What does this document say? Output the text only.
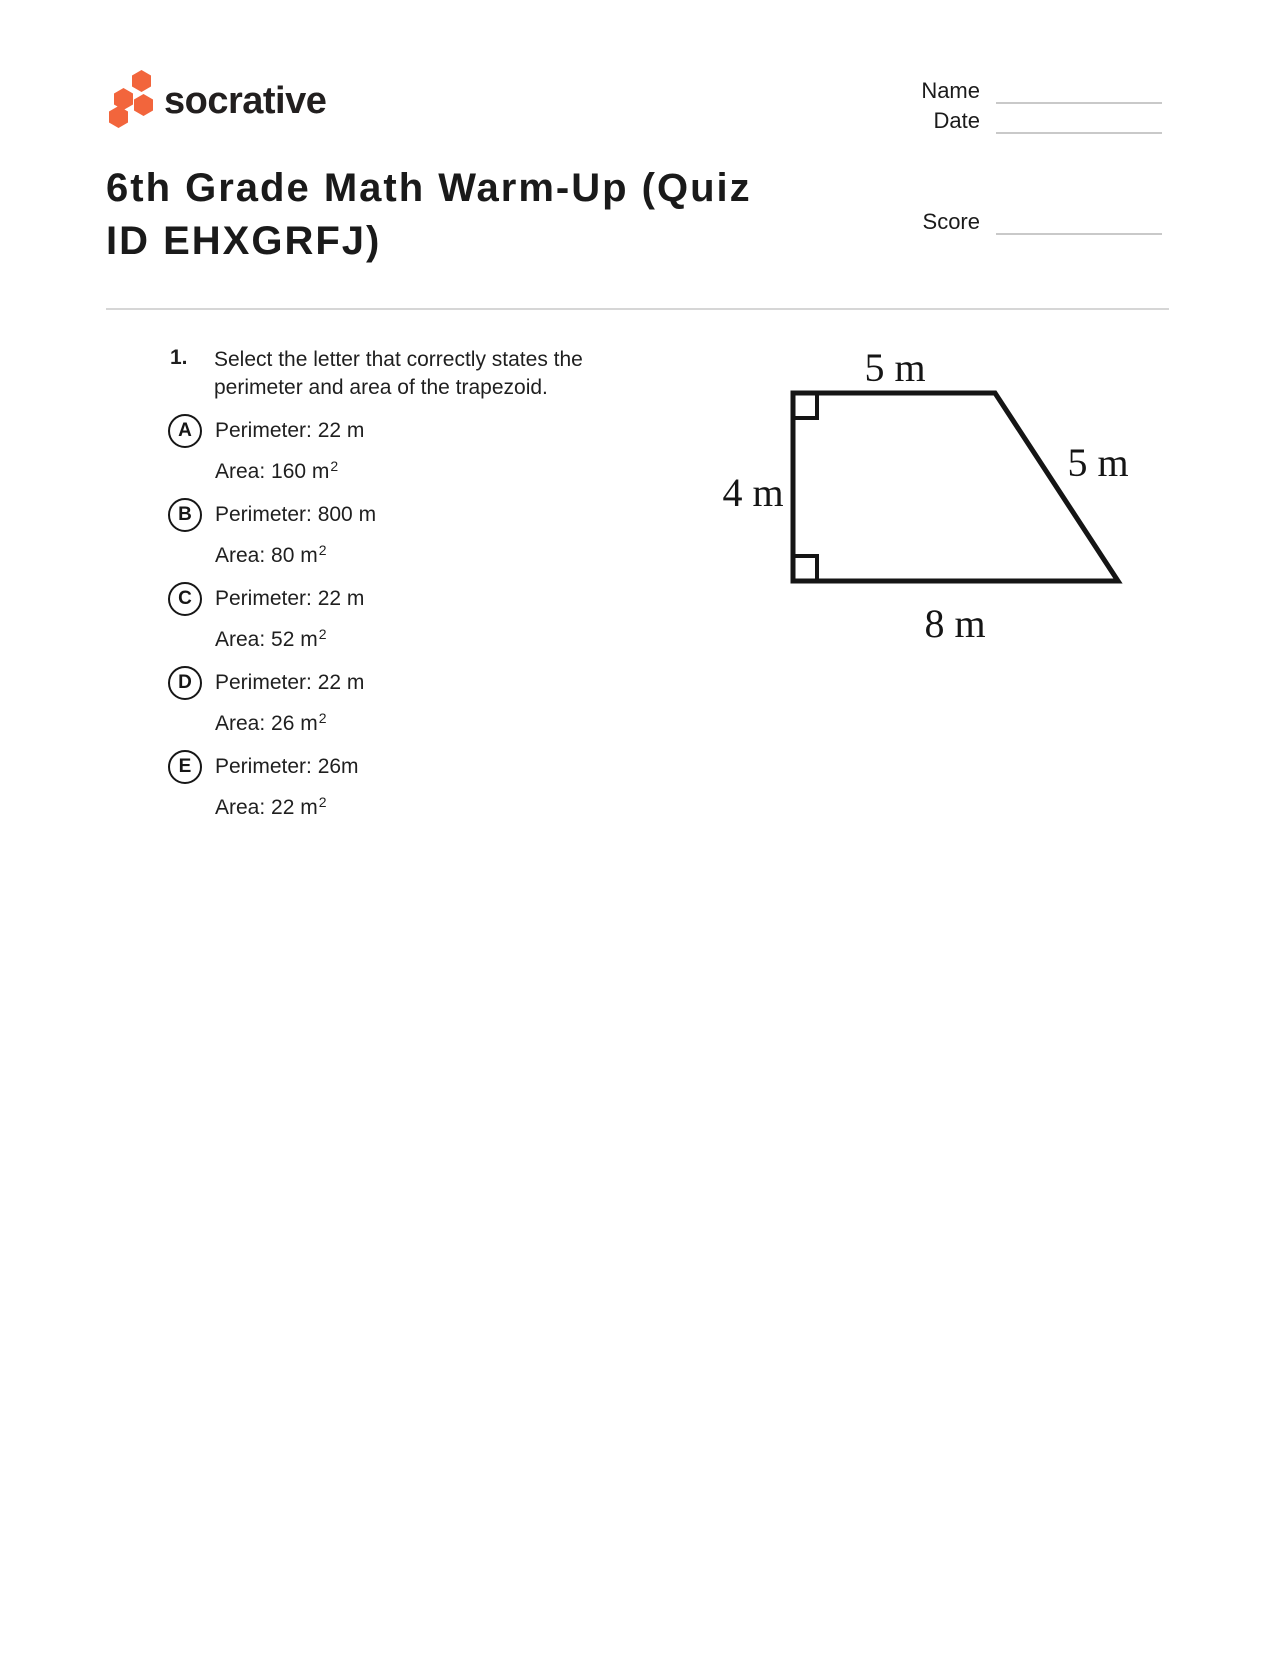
socrative	Name
Date
Score
6th Grade Math Warm-Up (Quiz
ID EHXGRFJ)
1. Select the letter that correctly states the perimeter and area of the trapezoid.
A	Perimeter: 22 m
Area: 160 $m^2$
B	Perimeter: 800 m
Area: 80 $m^2$
C	Perimeter: 22 m
Area: 52 $m^2$
D	Perimeter: 22 m
Area: 26 $m^2$
E	Perimeter: 26m
Area: 22 $m^2$
5 m
5 m
4 m
8 m
